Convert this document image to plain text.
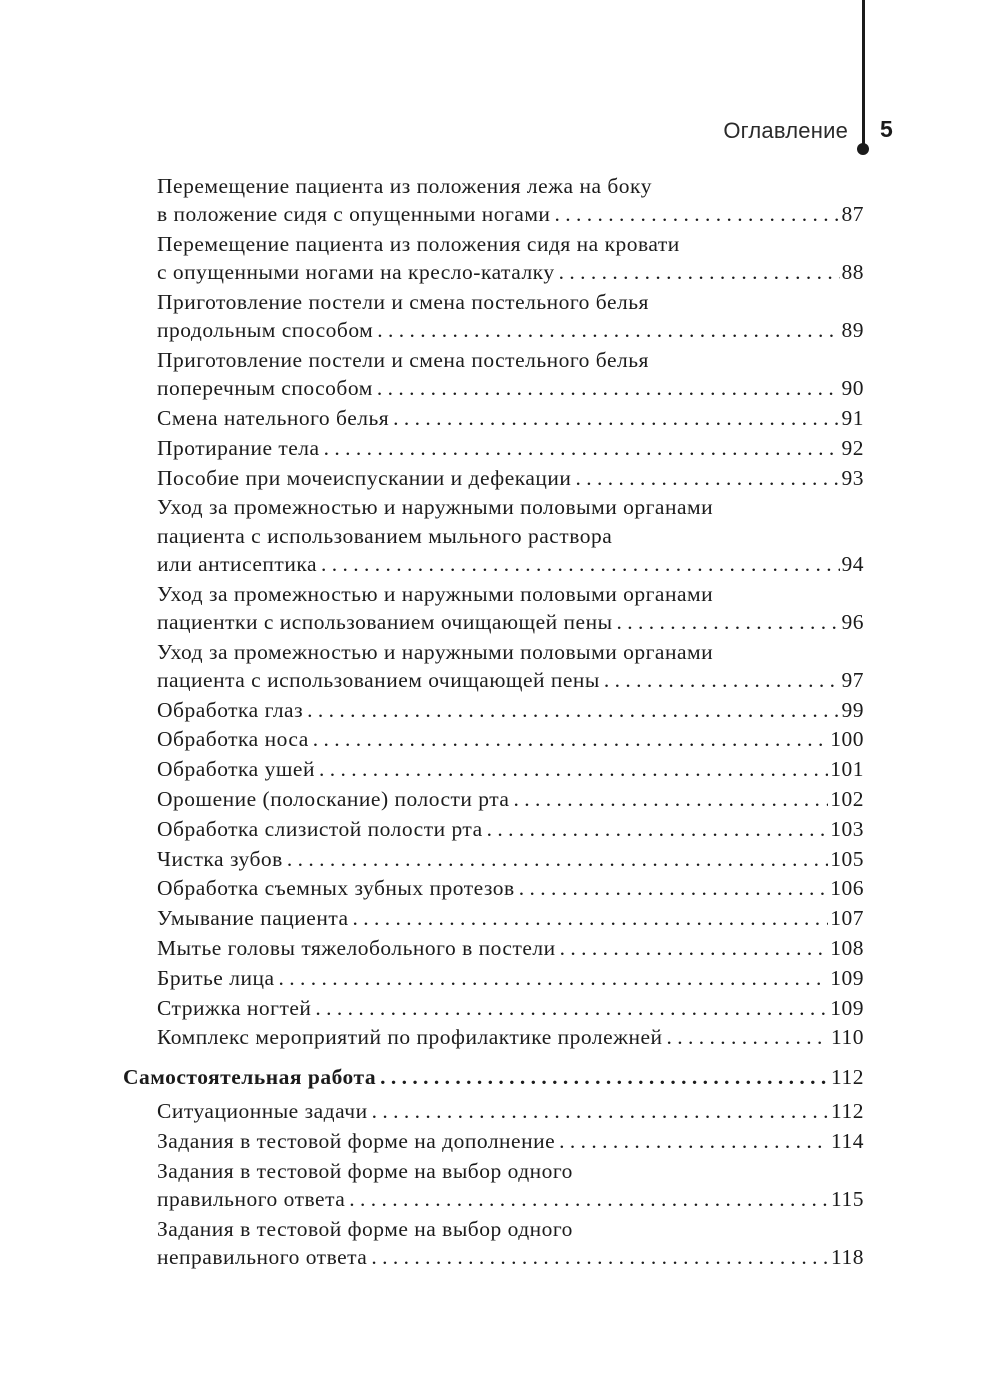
Оглавление 5
Перемещение пациента из положения лежа на боку
в положение сидя с опущенными ногами . . .	87
Перемещение пациента из положения сидя на кровати
с опущенными ногами на кресло-каталку . . .	88
Приготовление постели и смена постельного белья
продольным способом . . .	89
Приготовление постели и смена постельного белья
поперечным способом . . .	90
Смена нательного белья . . .	91
Протирание тела . . .	92
Пособие при мочеиспускании и дефекации . . .	93
Уход за промежностью и наружными половыми органами
пациента с использованием мыльного раствора
или антисептика . . .	94
Уход за промежностью и наружными половыми органами
пациентки с использованием очищающей пены . . .	96
Уход за промежностью и наружными половыми органами
пациента с использованием очищающей пены . . .	97
Обработка глаз . . .	99
Обработка носа . . .	100
Обработка ушей . . .	101
Орошение (полоскание) полости рта . . .	102
Обработка слизистой полости рта . . .	103
Чистка зубов . . .	105
Обработка съемных зубных протезов . . .	106
Умывание пациента . . .	107
Мытье головы тяжелобольного в постели . . .	108
Бритье лица . . .	109
Стрижка ногтей . . .	109
Комплекс мероприятий по профилактике пролежней . . .	110
Самостоятельная работа . . .	112
Ситуационные задачи . . .	112
Задания в тестовой форме на дополнение . . .	114
Задания в тестовой форме на выбор одного
правильного ответа . . .	115
Задания в тестовой форме на выбор одного
неправильного ответа . . .	118
